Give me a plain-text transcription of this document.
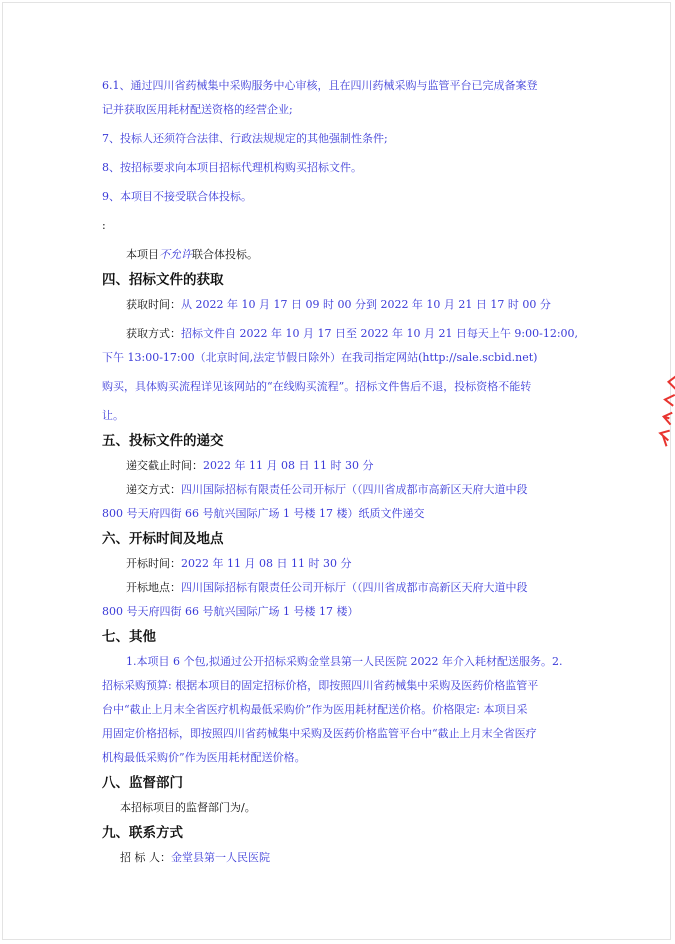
6.1、通过四川省药械集中采购服务中心审核，且在四川药械采购与监管平台已完成备案登

记并获取医用耗材配送资格的经营企业;

7、投标人还须符合法律、行政法规规定的其他强制性条件;

8、按招标要求向本项目招标代理机构购买招标文件。

9、本项目不接受联合体投标。

:

本项目不允许联合体投标。

四、招标文件的获取

获取时间：从 2022 年 10 月 17 日 09 时 00 分到 2022 年 10 月 21 日 17 时 00 分

获取方式：招标文件自 2022 年 10 月 17 日至 2022 年 10 月 21 日每天上午 9:00-12:00,

下午 13:00-17:00（北京时间,法定节假日除外）在我司指定网站(http://sale.scbid.net)

购买，具体购买流程详见该网站的“在线购买流程”。招标文件售后不退，投标资格不能转

让。

五、投标文件的递交

递交截止时间：2022 年 11 月 08 日 11 时 30 分

递交方式：四川国际招标有限责任公司开标厅（（四川省成都市高新区天府大道中段

800 号天府四街 66 号航兴国际广场 1 号楼 17 楼）纸质文件递交

六、开标时间及地点

开标时间：2022 年 11 月 08 日 11 时 30 分

开标地点：四川国际招标有限责任公司开标厅（（四川省成都市高新区天府大道中段

800 号天府四街 66 号航兴国际广场 1 号楼 17 楼）

七、其他

1.本项目 6 个包,拟通过公开招标采购金堂县第一人民医院 2022 年介入耗材配送服务。2.

招标采购预算: 根据本项目的固定招标价格，即按照四川省药械集中采购及医药价格监管平

台中“截止上月末全省医疗机构最低采购价”作为医用耗材配送价格。价格限定: 本项目采

用固定价格招标，即按照四川省药械集中采购及医药价格监管平台中“截止上月末全省医疗

机构最低采购价”作为医用耗材配送价格。

八、监督部门

本招标项目的监督部门为/。

九、联系方式

招 标 人：金堂县第一人民医院
